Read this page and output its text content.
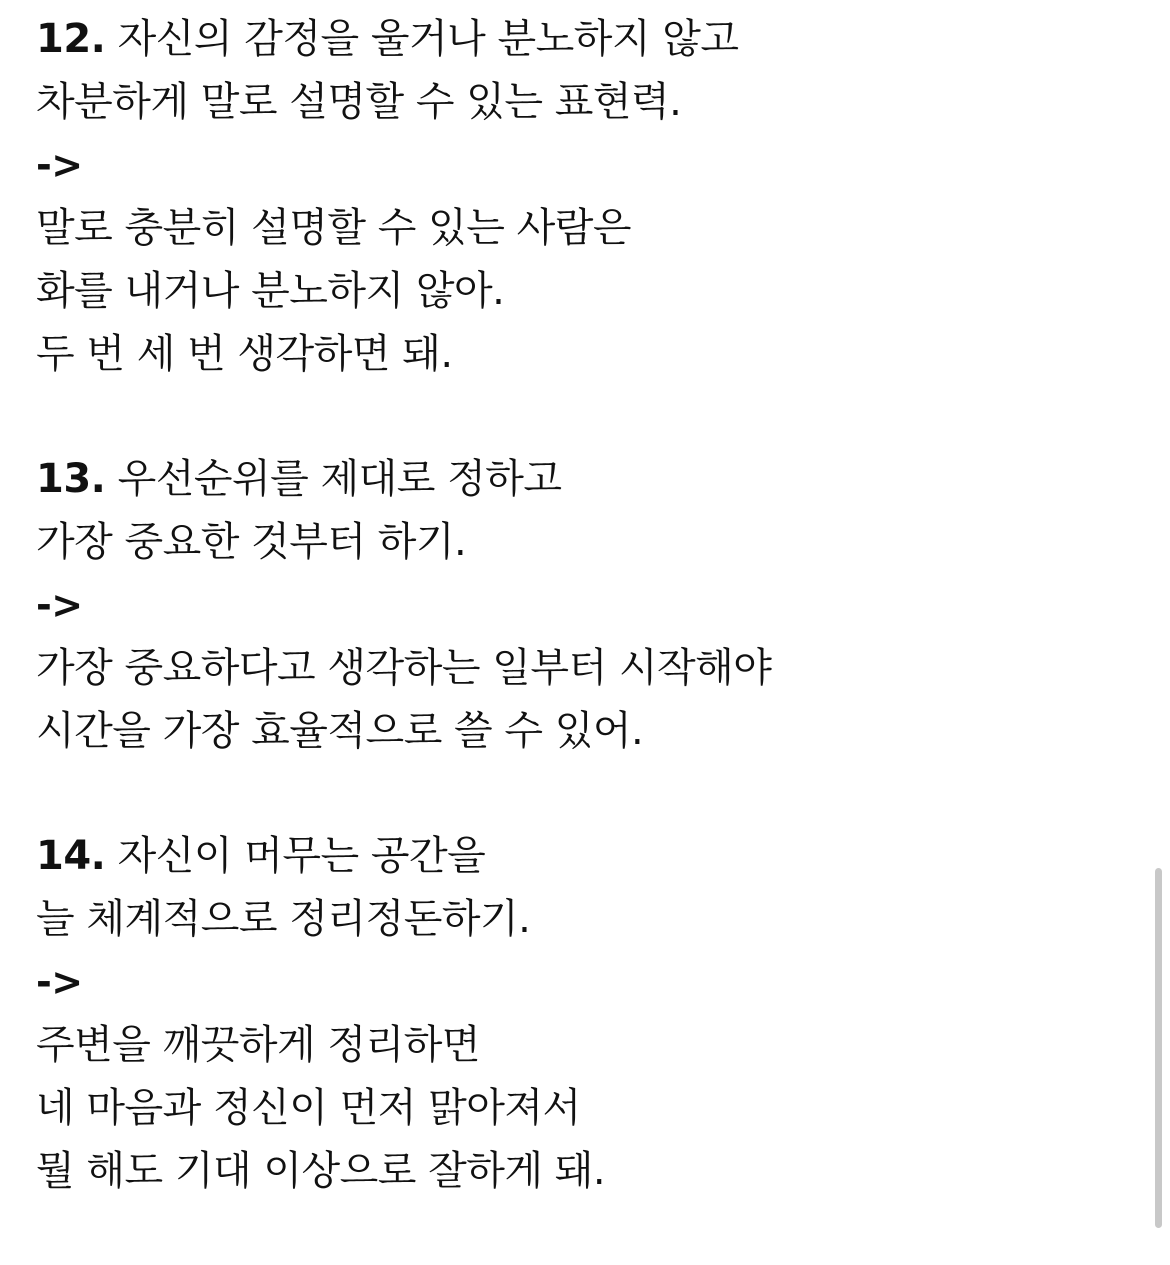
12. 자신의 감정을 울거나 분노하지 않고
차분하게 말로 설명할 수 있는 표현력.
->
말로 충분히 설명할 수 있는 사람은
화를 내거나 분노하지 않아.
두 번 세 번 생각하면 돼.
13. 우선순위를 제대로 정하고
가장 중요한 것부터 하기.
->
가장 중요하다고 생각하는 일부터 시작해야
시간을 가장 효율적으로 쓸 수 있어.
14. 자신이 머무는 공간을
늘 체계적으로 정리정돈하기.
->
주변을 깨끗하게 정리하면
네 마음과 정신이 먼저 맑아져서
뭘 해도 기대 이상으로 잘하게 돼.
